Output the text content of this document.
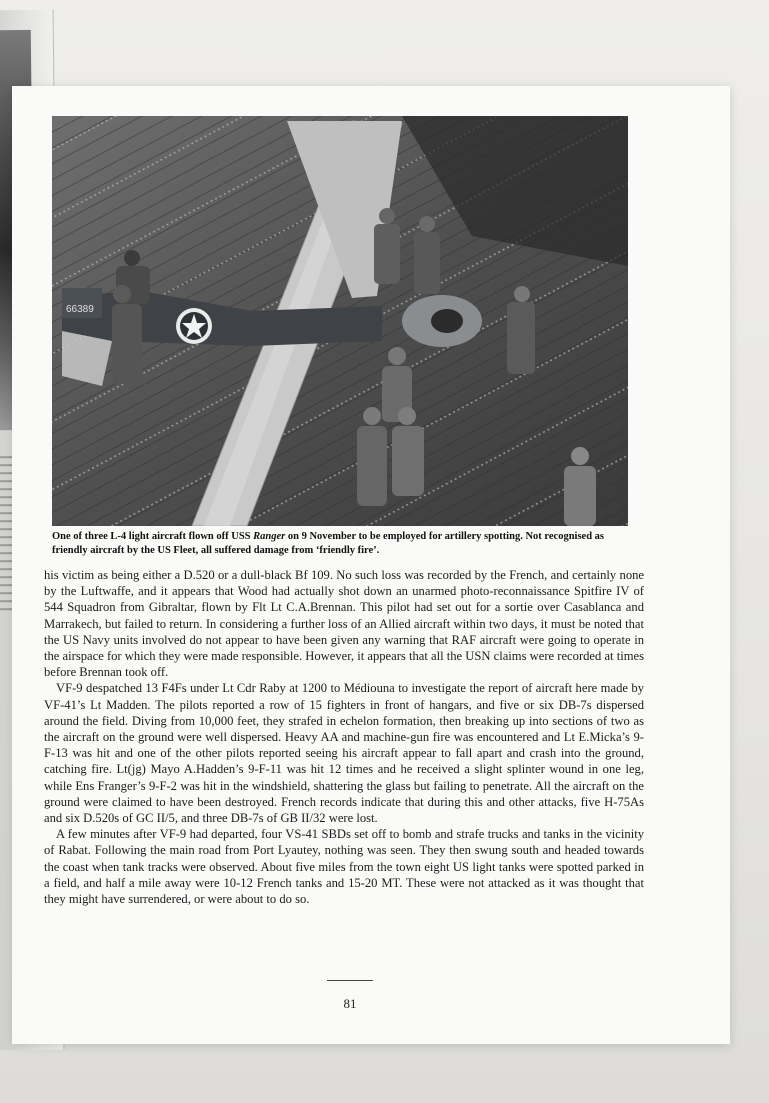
66389

One of three L-4 light aircraft flown off USS Ranger on 9 November to be employed for artillery spotting. Not recognised as friendly aircraft by the US Fleet, all suffered damage from ‘friendly fire’.

his victim as being either a D.520 or a dull-black Bf 109. No such loss was recorded by the French, and certainly none by the Luftwaffe, and it appears that Wood had actually shot down an unarmed photo-reconnaissance Spitfire IV of 544 Squadron from Gibraltar, flown by Flt Lt C.A.Brennan. This pilot had set out for a sortie over Casablanca and Marrakech, but failed to return. In considering a further loss of an Allied aircraft within two days, it must be noted that the US Navy units involved do not appear to have been given any warning that RAF aircraft were going to operate in the airspace for which they were made responsible. However, it appears that all the USN claims were recorded at times before Brennan took off.

VF-9 despatched 13 F4Fs under Lt Cdr Raby at 1200 to Médiouna to investigate the report of aircraft here made by VF-41’s Lt Madden. The pilots reported a row of 15 fighters in front of hangars, and five or six DB-7s dispersed around the field. Diving from 10,000 feet, they strafed in echelon formation, then breaking up into sections of two as the aircraft on the ground were well dispersed. Heavy AA and machine-gun fire was encountered and Lt E.Micka’s 9-F-13 was hit and one of the other pilots reported seeing his aircraft appear to fall apart and crash into the ground, catching fire. Lt(jg) Mayo A.Hadden’s 9-F-11 was hit 12 times and he received a slight splinter wound in one leg, while Ens Franger’s 9-F-2 was hit in the windshield, shattering the glass but failing to penetrate. All the aircraft on the ground were claimed to have been destroyed. French records indicate that during this and other attacks, five H-75As and six D.520s of GC II/5, and three DB-7s of GB II/32 were lost.

A few minutes after VF-9 had departed, four VS-41 SBDs set off to bomb and strafe trucks and tanks in the vicinity of Rabat. Following the main road from Port Lyautey, nothing was seen. They then swung south and headed towards the coast when tank tracks were observed. About five miles from the town eight US light tanks were spotted parked in a field, and half a mile away were 10-12 French tanks and 15-20 MT. These were not attacked as it was thought that they might have surrendered, or were about to do so.

81
